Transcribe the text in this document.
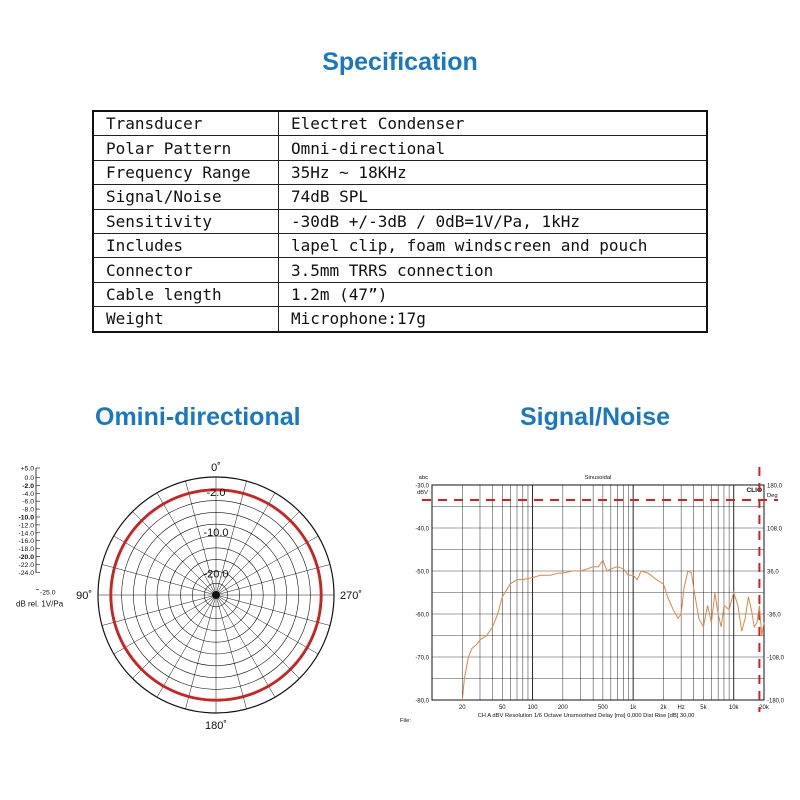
Specification
Transducer	Electret Condenser
Polar Pattern	Omni-directional
Frequency Range	35Hz ~ 18KHz
Signal/Noise	74dB SPL
Sensitivity	-30dB +/-3dB / 0dB=1V/Pa, 1kHz
Includes	lapel clip, foam windscreen and pouch
Connector	3.5mm TRRS connection
Cable length	1.2m (47”)
Weight	Microphone:17g
Omini-directional	Signal/Noise
-2.0
-10.0
-20.0
0˚
90˚	270˚
180˚
+5.0
0.0
-2.0
-4.0
-6.0
-8.0
-10.0
-12.0
-14.0
-16.0
-18.0
-20.0
-22.0
-24.0
-25.0
dB rel. 1V/Pa
-30,0
-40,0
-50,0
-60,0
-70,0
-80,0
180,0
108,0
36,0
-36,0
-108,0
-180,0
20	50	100	200	500	1k	2k Hz	5k	10k	20k
abc	Sinusoidal
CLIO
dBV	Deg
File:
CH A dBV Resolution 1/6 Octave Unsmoothed Delay [ms] 0,000 Dist Rise [dB] 30,00
